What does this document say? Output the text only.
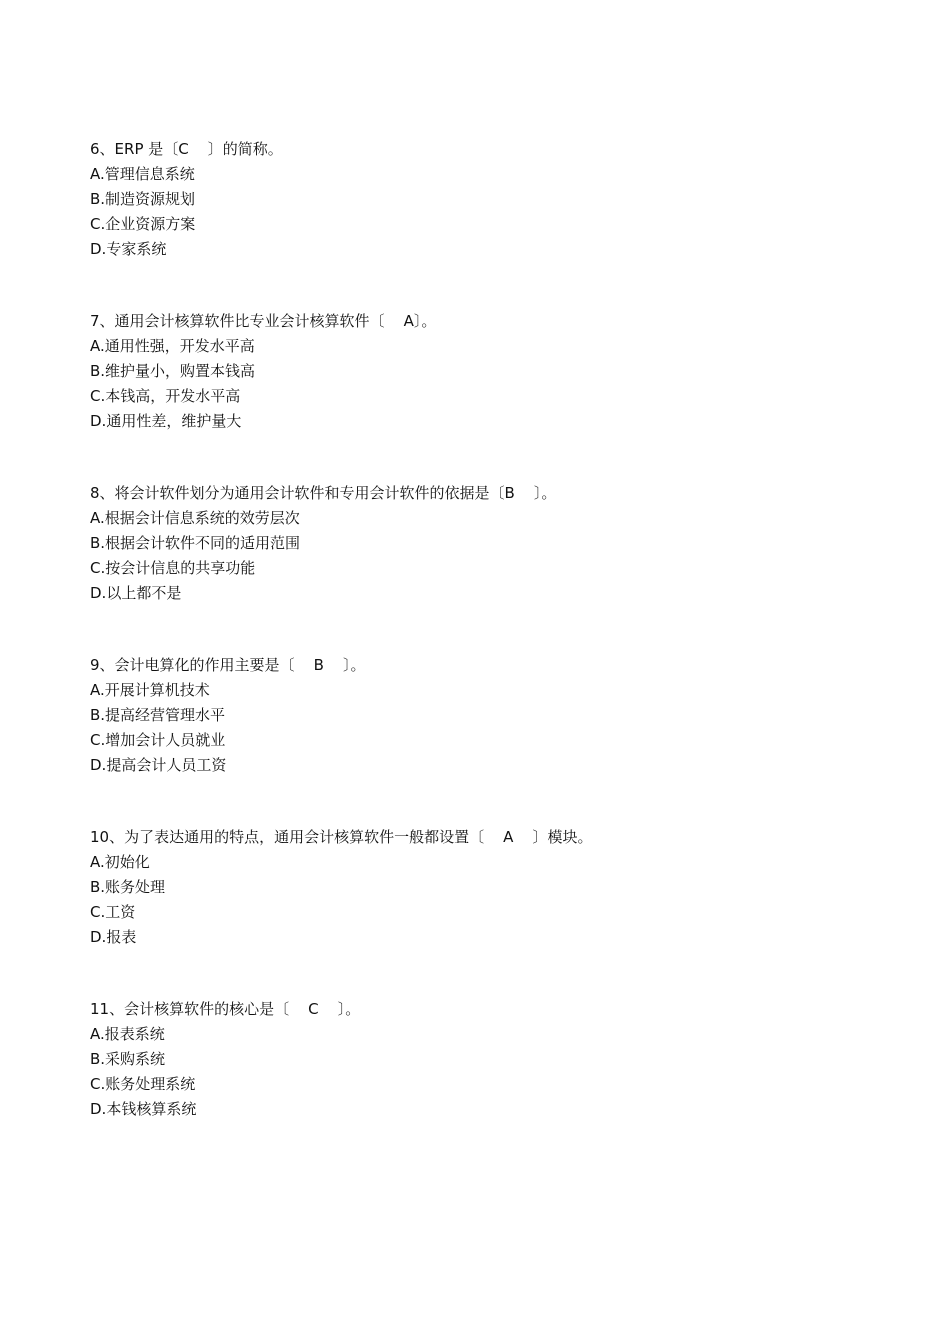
6、ERP 是〔C    〕的简称。
A.管理信息系统
B.制造资源规划
C.企业资源方案
D.专家系统
7、通用会计核算软件比专业会计核算软件〔    A〕。
A.通用性强，开发水平高
B.维护量小，购置本钱高
C.本钱高，开发水平高
D.通用性差，维护量大
8、将会计软件划分为通用会计软件和专用会计软件的依据是〔B    〕。
A.根据会计信息系统的效劳层次
B.根据会计软件不同的适用范围
C.按会计信息的共享功能
D.以上都不是
9、会计电算化的作用主要是〔    B    〕。
A.开展计算机技术
B.提高经营管理水平
C.增加会计人员就业
D.提高会计人员工资
10、为了表达通用的特点，通用会计核算软件一般都设置〔    A    〕模块。
A.初始化
B.账务处理
C.工资
D.报表
11、会计核算软件的核心是〔    C    〕。
A.报表系统
B.采购系统
C.账务处理系统
D.本钱核算系统
